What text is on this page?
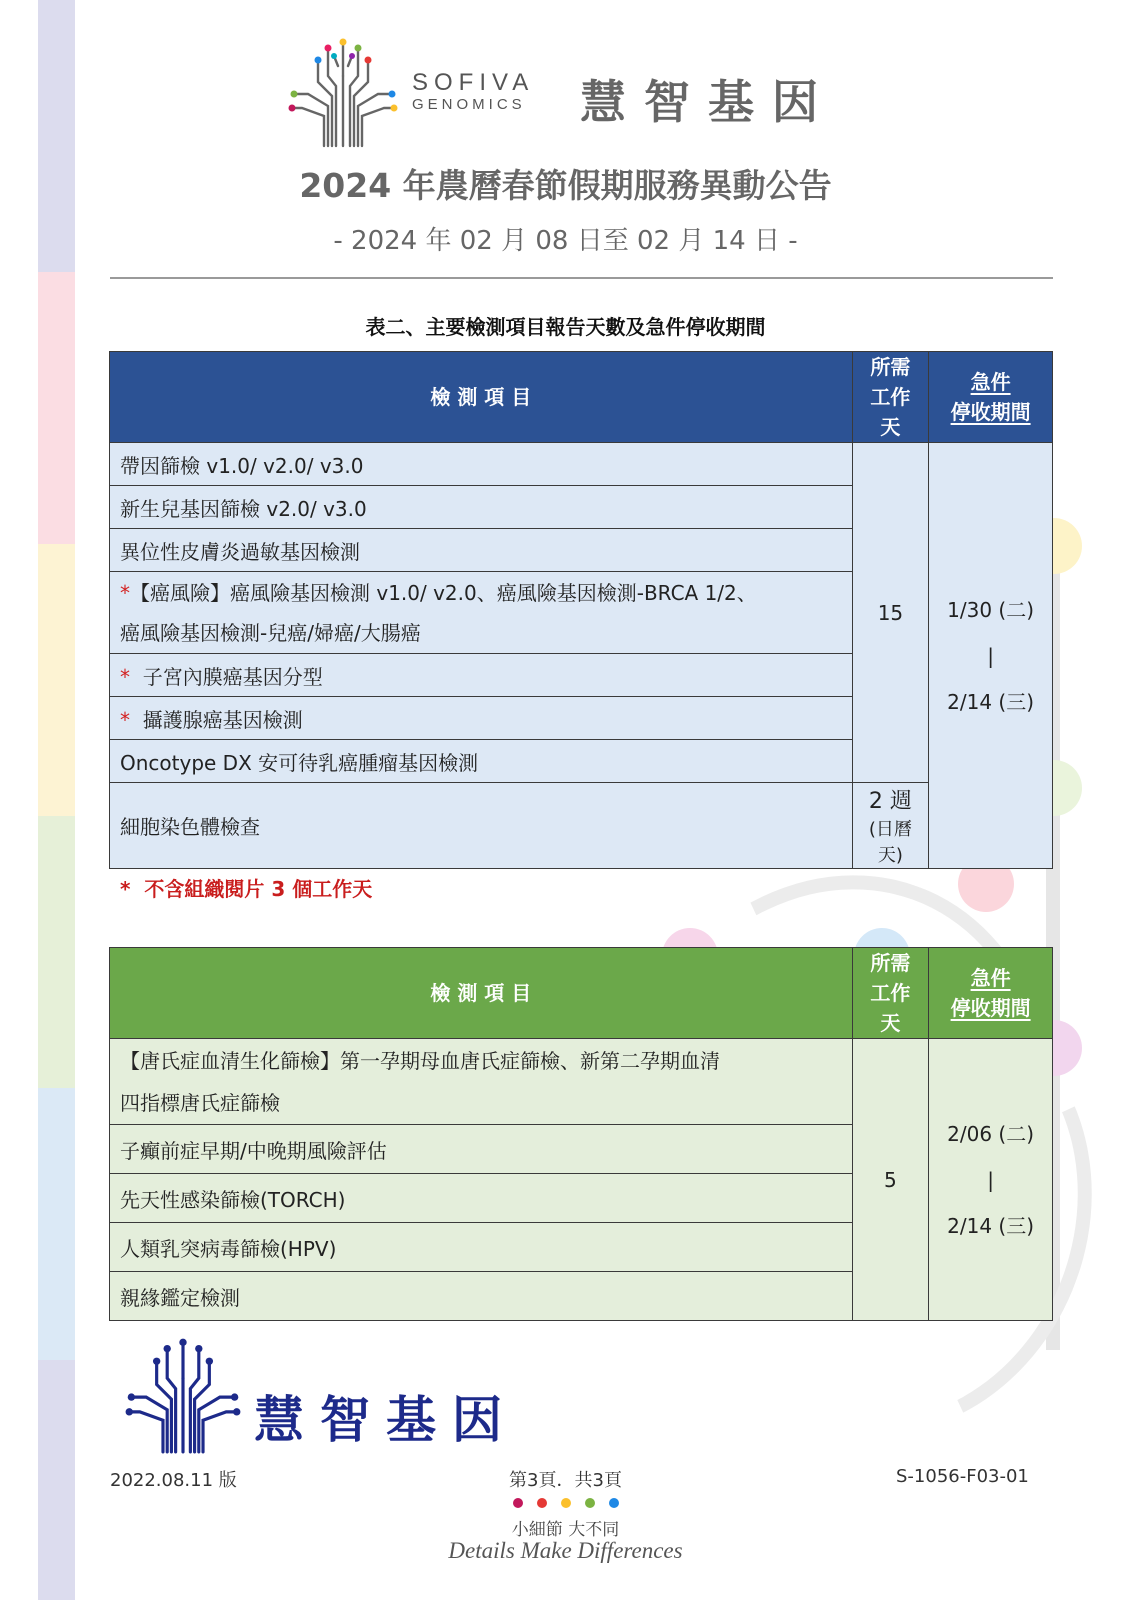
SOFIVA
GENOMICS 慧智基因
2024 年農曆春節假期服務異動公告
- 2024 年 02 月 08 日至 02 月 14 日 -
表二、主要檢測項目報告天數及急件停收期間
檢 測 項 目	所需
工作天	急件
停收期間
帶因篩檢 v1.0/ v2.0/ v3.0	15	1/30 (二)
|
2/14 (三)
新生兒基因篩檢 v2.0/ v3.0		
異位性皮膚炎過敏基因檢測		
*【癌風險】癌風險基因檢測 v1.0/ v2.0、癌風險基因檢測-BRCA 1/2、
癌風險基因檢測-兒癌/婦癌/大腸癌		
* 子宮內膜癌基因分型		
* 攝護腺癌基因檢測		
Oncotype DX 安可待乳癌腫瘤基因檢測		
細胞染色體檢查	2 週
(日曆天)	
* 不含組織閱片 3 個工作天
檢 測 項 目	所需
工作天	急件
停收期間
【唐氏症血清生化篩檢】第一孕期母血唐氏症篩檢、新第二孕期血清
四指標唐氏症篩檢	5	2/06 (二)
|
2/14 (三)
子癲前症早期/中晚期風險評估		
先天性感染篩檢(TORCH)		
人類乳突病毒篩檢(HPV)		
親緣鑑定檢測		
慧智基因
2022.08.11 版	第3頁．共3頁	S-1056-F03-01
小細節 大不同
Details Make Differences
